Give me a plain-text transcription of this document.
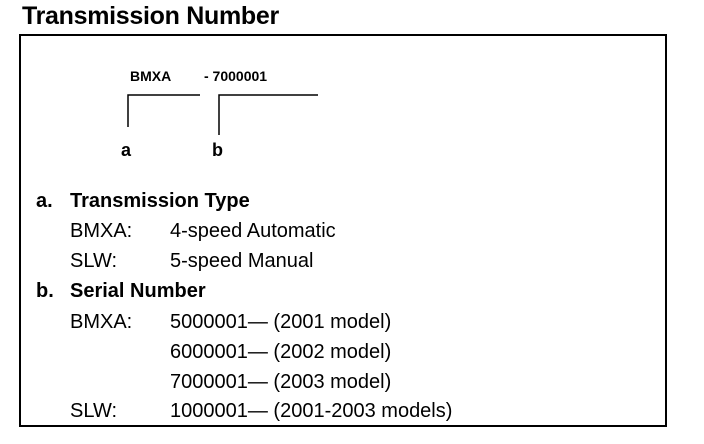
Transmission Number
BMXA - 7000001
a	b
a. Transmission Type
BMXA: 4-speed Automatic
SLW:	5-speed Manual
b. Serial Number
BMXA: 5000001— (2001 model)
6000001— (2002 model)
7000001— (2003 model)
SLW:	1000001— (2001-2003 models)
